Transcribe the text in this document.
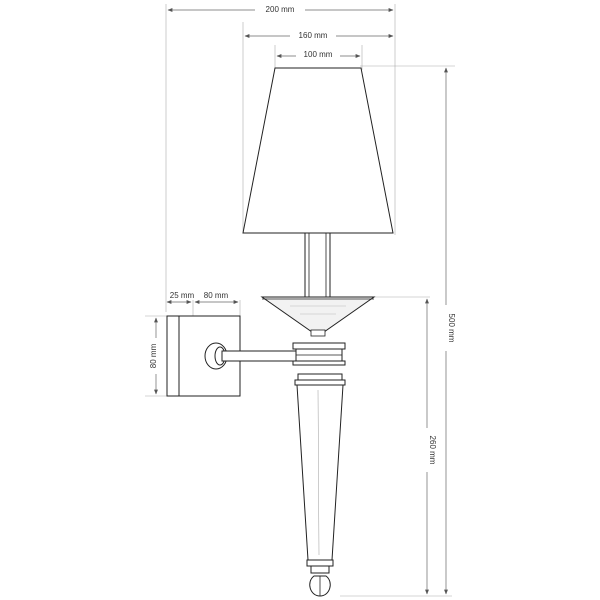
200 mm
160 mm
100 mm
25 mm 80 mm
80 mm
500 mm
260 mm
